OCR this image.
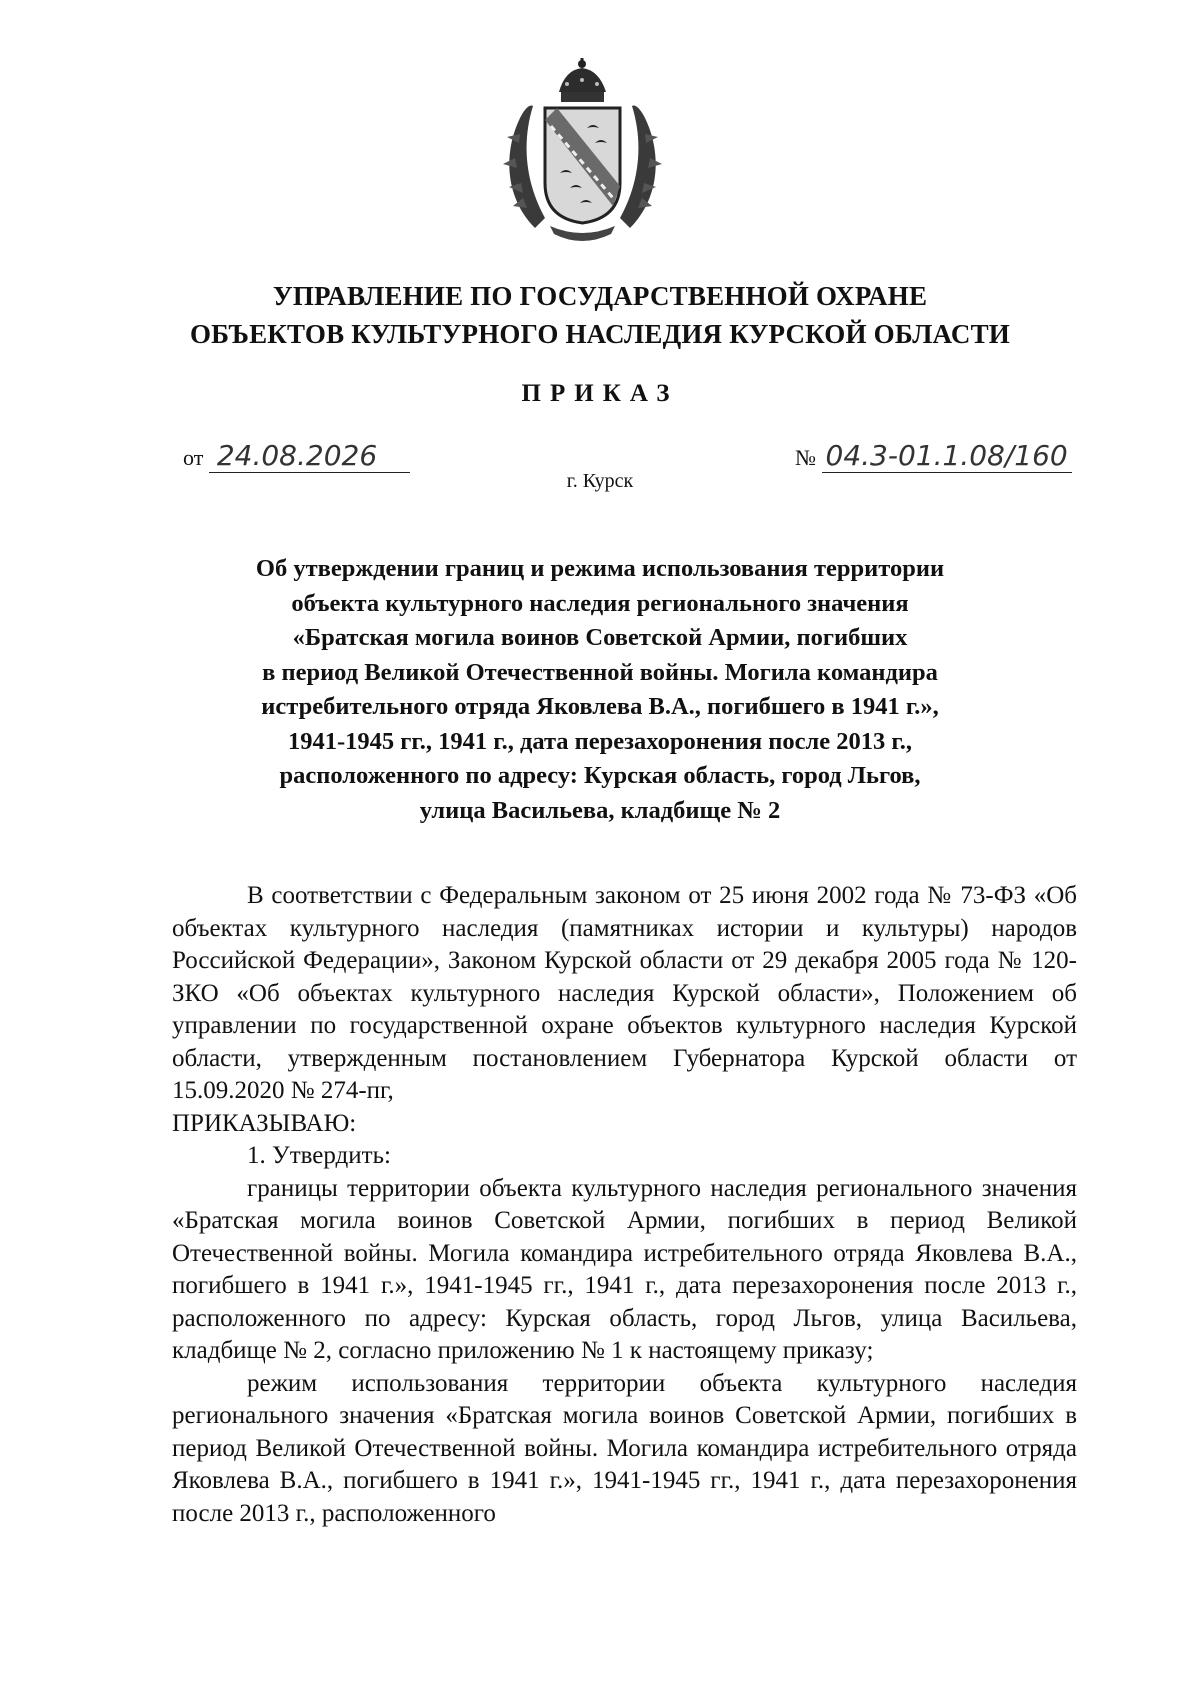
УПРАВЛЕНИЕ ПО ГОСУДАРСТВЕННОЙ ОХРАНЕ
ОБЪЕКТОВ КУЛЬТУРНОГО НАСЛЕДИЯ КУРСКОЙ ОБЛАСТИ
ПРИКАЗ
от 24.08.2026	№ 04.3-01.1.08/160
г. Курск
Об утверждении границ и режима использования территории
объекта культурного наследия регионального значения
«Братская могила воинов Советской Армии, погибших
в период Великой Отечественной войны. Могила командира
истребительного отряда Яковлева В.А., погибшего в 1941 г.»,
1941-1945 гг., 1941 г., дата перезахоронения после 2013 г.,
расположенного по адресу: Курская область, город Льгов,
улица Васильева, кладбище № 2

В соответствии с Федеральным законом от 25 июня 2002 года № 73-ФЗ «Об объектах культурного наследия (памятниках истории и культуры) народов Российской Федерации», Законом Курской области от 29 декабря 2005 года № 120-ЗКО «Об объектах культурного наследия Курской области», Положением об управлении по государственной охране объектов культурного наследия Курской области, утвержденным постановлением Губернатора Курской области от 15.09.2020 № 274-пг,

ПРИКАЗЫВАЮ:

1. Утвердить:

границы территории объекта культурного наследия регионального значения «Братская могила воинов Советской Армии, погибших в период Великой Отечественной войны. Могила командира истребительного отряда Яковлева В.А., погибшего в 1941 г.», 1941-1945 гг., 1941 г., дата перезахоронения после 2013 г., расположенного по адресу: Курская область, город Льгов, улица Васильева, кладбище № 2, согласно приложению № 1 к настоящему приказу;

режим использования территории объекта культурного наследия регионального значения «Братская могила воинов Советской Армии, погибших в период Великой Отечественной войны. Могила командира истребительного отряда Яковлева В.А., погибшего в 1941 г.», 1941-1945 гг., 1941 г., дата перезахоронения после 2013 г., расположенного
